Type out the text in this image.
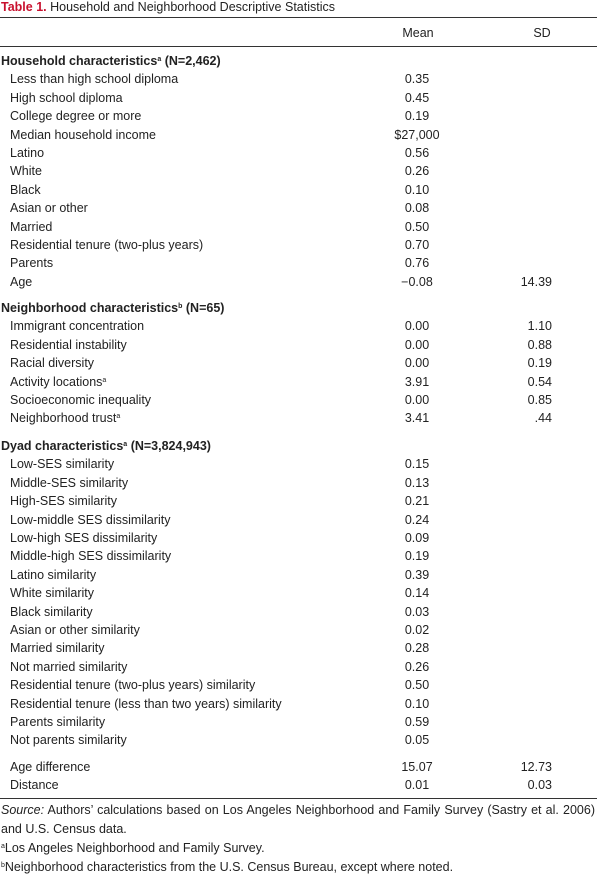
Table 1. Household and Neighborhood Descriptive Statistics
Mean	SD
Household characteristics$^a$ (N=2,462)
Less than high school diploma	0.35
High school diploma	0.45
College degree or more	0.19
Median household income	$27,000
Latino	0.56
White	0.26
Black	0.10
Asian or other	0.08
Married	0.50
Residential tenure (two-plus years)	0.70
Parents	0.76
Age	−0.08	14.39
Neighborhood characteristics$^b$ (N=65)
Immigrant concentration	0.00	1.10
Residential instability	0.00	0.88
Racial diversity	0.00	0.19
Activity locations$^a$	3.91	0.54
Socioeconomic inequality	0.00	0.85
Neighborhood trust$^a$	3.41	.44
Dyad characteristics$^a$ (N=3,824,943)
Low-SES similarity	0.15
Middle-SES similarity	0.13
High-SES similarity	0.21
Low-middle SES dissimilarity	0.24
Low-high SES dissimilarity	0.09
Middle-high SES dissimilarity	0.19
Latino similarity	0.39
White similarity	0.14
Black similarity	0.03
Asian or other similarity	0.02
Married similarity	0.28
Not married similarity	0.26
Residential tenure (two-plus years) similarity	0.50
Residential tenure (less than two years) similarity	0.10
Parents similarity	0.59
Not parents similarity	0.05
Age difference	15.07	12.73
Distance	0.01	0.03

Source: Authors’ calculations based on Los Angeles Neighborhood and Family Survey (Sastry et al. 2006) and U.S. Census data.

$^a$Los Angeles Neighborhood and Family Survey.

$^b$Neighborhood characteristics from the U.S. Census Bureau, except where noted.
